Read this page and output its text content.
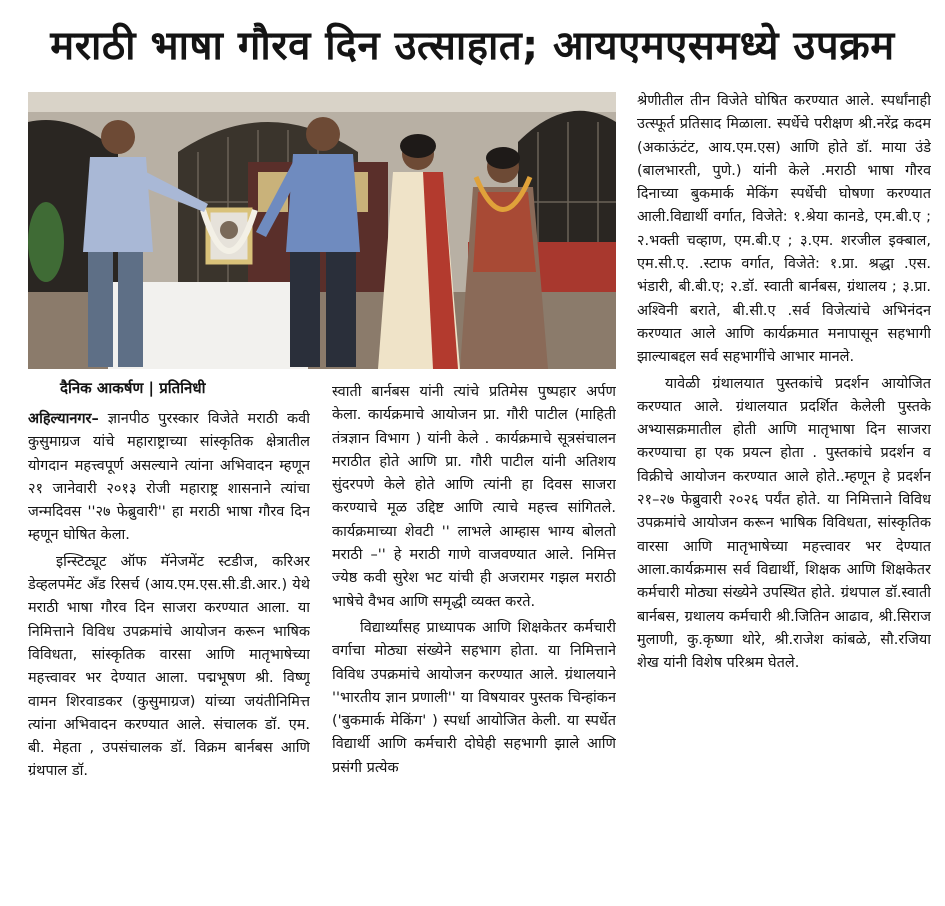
मराठी भाषा गौरव दिन उत्साहात; आयएमएसमध्ये उपक्रम
दैनिक आकर्षण | प्रतिनिधी

अहिल्यानगर– ज्ञानपीठ पुरस्कार विजेते मराठी कवी कुसुमाग्रज यांचे महाराष्ट्राच्या सांस्कृतिक क्षेत्रातील योगदान महत्त्वपूर्ण असल्याने त्यांना अभिवादन म्हणून २१ जानेवारी २०१३ रोजी महाराष्ट्र शासनाने त्यांचा जन्मदिवस ''२७ फेब्रुवारी'' हा मराठी भाषा गौरव दिन म्हणून घोषित केला.

इन्स्टिट्यूट ऑफ मॅनेजमेंट स्टडीज, करिअर डेव्हलपमेंट अँड रिसर्च (आय.एम.एस.सी.डी.आर.) येथे मराठी भाषा गौरव दिन साजरा करण्यात आला. या निमित्ताने विविध उपक्रमांचे आयोजन करून भाषिक विविधता, सांस्कृतिक वारसा आणि मातृभाषेच्या महत्त्वावर भर देण्यात आला. पद्मभूषण श्री. विष्णू वामन शिरवाडकर (कुसुमाग्रज) यांच्या जयंतीनिमित्त त्यांना अभिवादन करण्यात आले. संचालक डॉ. एम. बी. मेहता , उपसंचालक डॉ. विक्रम बार्नबस आणि ग्रंथपाल डॉ.

स्वाती बार्नबस यांनी त्यांचे प्रतिमेस पुष्पहार अर्पण केला. कार्यक्रमाचे आयोजन प्रा. गौरी पाटील (माहिती तंत्रज्ञान विभाग ) यांनी केले . कार्यक्रमाचे सूत्रसंचालन मराठीत होते आणि प्रा. गौरी पाटील यांनी अतिशय सुंदरपणे केले होते आणि त्यांनी हा दिवस साजरा करण्याचे मूळ उद्दिष्ट आणि त्याचे महत्त्व सांगितले. कार्यक्रमाच्या शेवटी '' लाभले आम्हास भाग्य बोलतो मराठी –'' हे मराठी गाणे वाजवण्यात आले. निमित्त ज्येष्ठ कवी सुरेश भट यांची ही अजरामर गझल मराठी भाषेचे वैभव आणि समृद्धी व्यक्त करते.

विद्यार्थ्यांसह प्राध्यापक आणि शिक्षकेतर कर्मचारी वर्गाचा मोठ्या संख्येने सहभाग होता. या निमित्ताने विविध उपक्रमांचे आयोजन करण्यात आले. ग्रंथालयाने ''भारतीय ज्ञान प्रणाली'' या विषयावर पुस्तक चिन्हांकन ('बुकमार्क मेकिंग' ) स्पर्धा आयोजित केली. या स्पर्धेत विद्यार्थी आणि कर्मचारी दोघेही सहभागी झाले आणि प्रसंगी प्रत्येक

श्रेणीतील तीन विजेते घोषित करण्यात आले. स्पर्धांनाही उत्स्फूर्त प्रतिसाद मिळाला. स्पर्धेचे परीक्षण श्री.नरेंद्र कदम (अकाऊंटंट, आय.एम.एस) आणि होते डॉ. माया उंडे (बालभारती, पुणे.) यांनी केले .मराठी भाषा गौरव दिनाच्या बुकमार्क मेकिंग स्पर्धेची घोषणा करण्यात आली.विद्यार्थी वर्गात, विजेते: १.श्रेया कानडे, एम.बी.ए ; २.भक्ती चव्हाण, एम.बी.ए ; ३.एम. शरजील इक्बाल, एम.सी.ए. .स्टाफ वर्गात, विजेते: १.प्रा. श्रद्धा .एस. भंडारी, बी.बी.ए; २.डॉ. स्वाती बार्नबस, ग्रंथालय ; ३.प्रा. अश्विनी बराते, बी.सी.ए .सर्व विजेत्यांचे अभिनंदन करण्यात आले आणि कार्यक्रमात मनापासून सहभागी झाल्याबद्दल सर्व सहभागींचे आभार मानले.

यावेळी ग्रंथालयात पुस्तकांचे प्रदर्शन आयोजित करण्यात आले. ग्रंथालयात प्रदर्शित केलेली पुस्तके अभ्यासक्रमातील होती आणि मातृभाषा दिन साजरा करण्याचा हा एक प्रयत्न होता . पुस्तकांचे प्रदर्शन व विक्रीचे आयोजन करण्यात आले होते..म्हणून हे प्रदर्शन २१–२७ फेब्रुवारी २०२६ पर्यंत होते. या निमित्ताने विविध उपक्रमांचे आयोजन करून भाषिक विविधता, सांस्कृतिक वारसा आणि मातृभाषेच्या महत्त्वावर भर देण्यात आला.कार्यक्रमास सर्व विद्यार्थी, शिक्षक आणि शिक्षकेतर कर्मचारी मोठ्या संख्येने उपस्थित होते. ग्रंथपाल डॉ.स्वाती बार्नबस, ग्रथालय कर्मचारी श्री.जितिन आढाव, श्री.सिराज मुलाणी, कु.कृष्णा थोरे, श्री.राजेश कांबळे, सौ.रजिया शेख यांनी विशेष परिश्रम घेतले.
